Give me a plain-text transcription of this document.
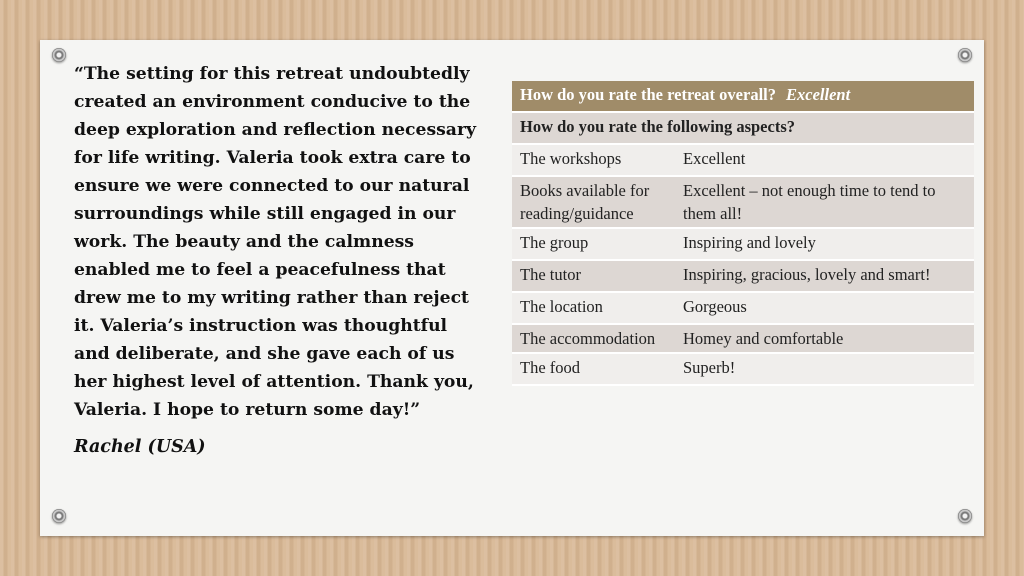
“The setting for this retreat undoubtedly
created an environment conducive to the
deep exploration and reflection necessary
for life writing. Valeria took extra care to
ensure we were connected to our natural
surroundings while still engaged in our
work. The beauty and the calmness
enabled me to feel a peacefulness that
drew me to my writing rather than reject
it. Valeria’s instruction was thoughtful
and deliberate, and she gave each of us
her highest level of attention. Thank you,
Valeria. I hope to return some day!”

Rachel (USA)
How do you rate the retreat overall? Excellent	
How do you rate the following aspects?	
The workshops	Excellent
Books available for reading/guidance	Excellent – not enough time to tend to them all!
The group	Inspiring and lovely
The tutor	Inspiring, gracious, lovely and smart!
The location	Gorgeous
The accommodation	Homey and comfortable
The food	Superb!
